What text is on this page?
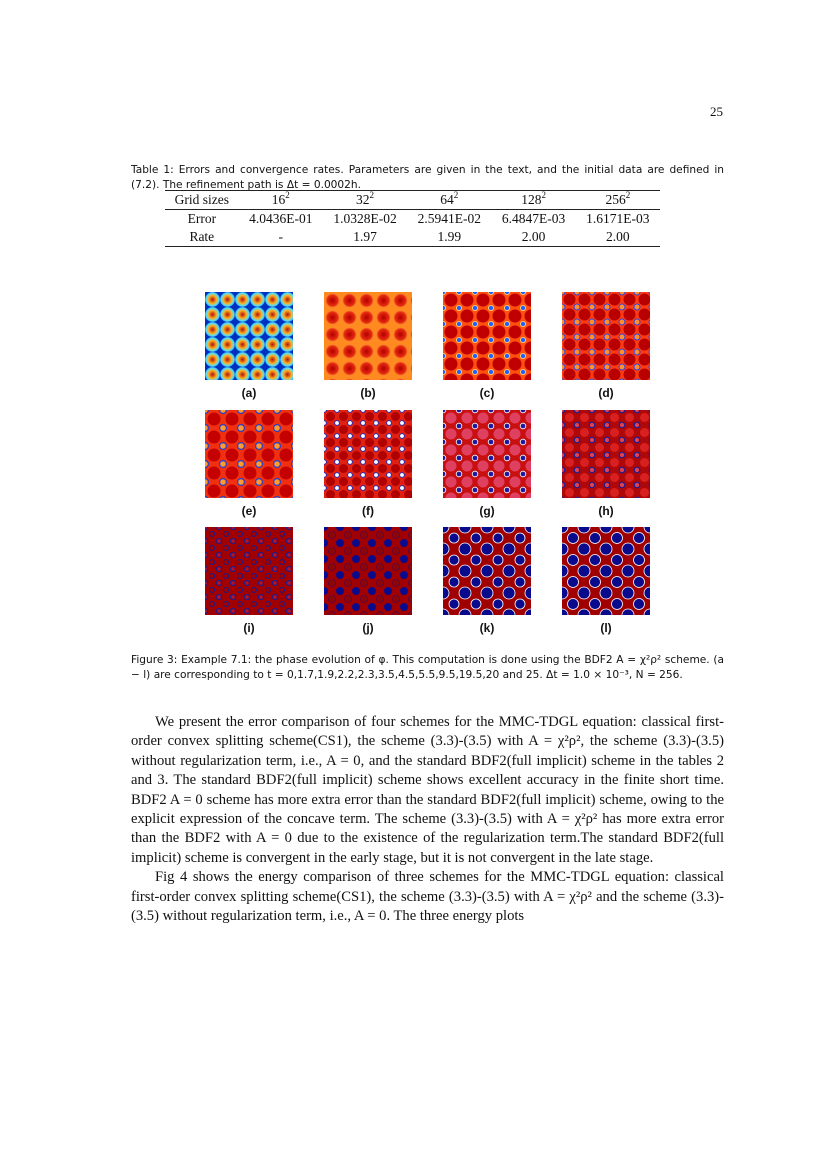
25
Table 1: Errors and convergence rates. Parameters are given in the text, and the initial data are defined in (7.2). The refinement path is Δt = 0.0002h.
Grid sizes	$16^2$	$32^2$	$64^2$	$128^2$	$256^2$
Error	4.0436E-01	1.0328E-02	2.5941E-02	6.4847E-03	1.6171E-03
Rate	-	1.97	1.99	2.00	2.00
(a)	(b)	(c)	(d)
(e)	(f)	(g)	(h)
(i)	(j)	(k)	(l)
Figure 3: Example 7.1: the phase evolution of φ. This computation is done using the BDF2 A = χ²ρ² scheme. (a − l) are corresponding to t = 0,1.7,1.9,2.2,2.3,3.5,4.5,5.5,9.5,19.5,20 and 25. Δt = 1.0 × 10⁻³, N = 256.

We present the error comparison of four schemes for the MMC-TDGL equation: classical first-order convex splitting scheme(CS1), the scheme (3.3)-(3.5) with A = χ²ρ², the scheme (3.3)-(3.5) without regularization term, i.e., A = 0, and the standard BDF2(full implicit) scheme in the tables 2 and 3. The standard BDF2(full implicit) scheme shows excellent accuracy in the finite short time. BDF2 A = 0 scheme has more extra error than the standard BDF2(full implicit) scheme, owing to the explicit expression of the concave term. The scheme (3.3)-(3.5) with A = χ²ρ² has more extra error than the BDF2 with A = 0 due to the existence of the regularization term.The standard BDF2(full implicit) scheme is convergent in the early stage, but it is not convergent in the late stage.

Fig 4 shows the energy comparison of three schemes for the MMC-TDGL equation: classical first-order convex splitting scheme(CS1), the scheme (3.3)-(3.5) with A = χ²ρ² and the scheme (3.3)-(3.5) without regularization term, i.e., A = 0. The three energy plots
